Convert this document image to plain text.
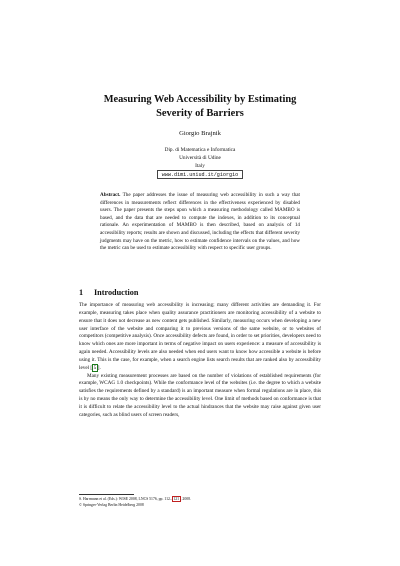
Measuring Web Accessibility by Estimating
Severity of Barriers
Giorgio Brajnik
Dip. di Matematica e Informatica
Università di Udine
Italy
www.dimi.uniud.it/giorgio
Abstract. The paper addresses the issue of measuring web accessibility in such a way that differences in measurements reflect differences in the effectiveness experienced by disabled users. The paper presents the steps upon which a measuring methodology called MAMBO is based, and the data that are needed to compute the indexes, in addition to its conceptual rationale. An experimentation of MAMBO is then described, based on analysis of 14 accessibility reports; results are shown and discussed, including the effects that different severity judgments may have on the metric, how to estimate confidence intervals on the values, and how the metric can be used to estimate accessibility with respect to specific user groups.
1 Introduction

The importance of measuring web accessibility is increasing; many different activities are demanding it. For example, measuring takes place when quality assurance practitioners are monitoring accessibility of a website to ensure that it does not decrease as new content gets published. Similarly, measuring occurs when developing a new user interface of the website and comparing it to previous versions of the same website, or to websites of competitors (competitive analysis). Once accessibility defects are found, in order to set priorities, developers need to know which ones are more important in terms of negative impact on users experience: a measure of accessibility is again needed. Accessibility levels are also needed when end users want to know how accessible a website is before using it. This is the case, for example, when a search engine lists search results that are ranked also by accessibility level [ 5 ].

Many existing measurement processes are based on the number of violations of established requirements (for example, WCAG 1.0 checkpoints). While the conformance level of the websites (i.e. the degree to which a website satisfies the requirements defined by a standard) is an important measure when formal regulations are in place, this is by no means the only way to determine the accessibility level. One limit of methods based on conformance is that it is difficult to relate the accessibility level to the actual hindrances that the website may raise against given user categories, such as blind users of screen readers,

S. Harrmann et al. (Eds.): WISE 2008, LNCS 5176, pp. 112– 121 , 2008.
© Springer-Verlag Berlin Heidelberg 2008
